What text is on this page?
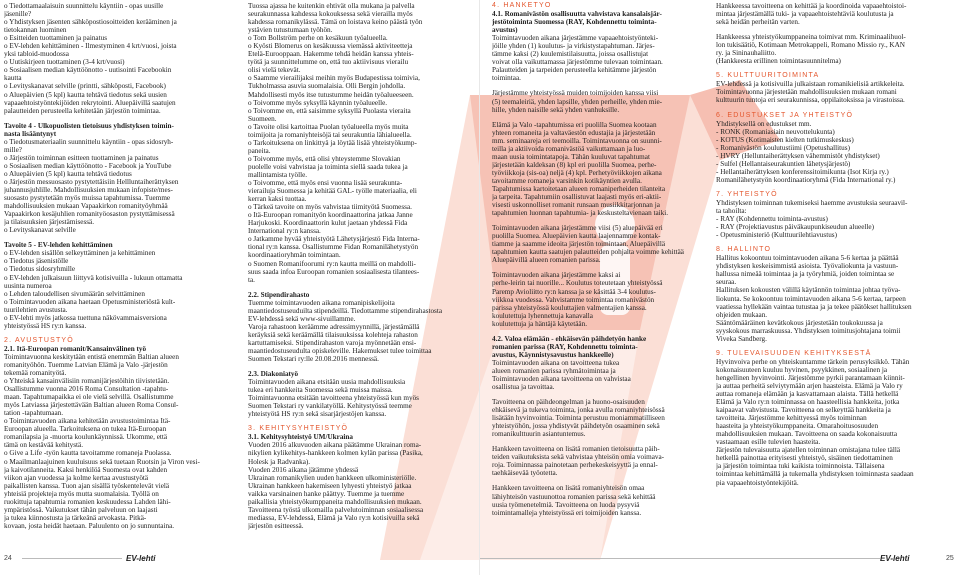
o Tiedottamaalaisuin suunnittelu käyntiin - opas uusille

jäsenille?

o Yhdistyksen jäsenten sähköpostiosoitteiden kerääminen ja

tietokannan luominen

o Esitteiden tuottaminen ja painatus

o EV-lehden kehittäminen - Ilmestyminen 4 krt/vuosi, joista

yksi tabloid-muodossa

o Uutiskirjeen tuottaminen (3-4 krt/vuosi)

o Sosiaalisen median käyttöönotto - uutisointi Facebookin

kautta

o Levityskanavat selville (printti, sähköposti, Facebook)

o Aluepäivien (5 kpl) kautta tehtävä tiedotus sekä uusien

vapaaehtoistyöntekijöiden rekrytointi. Aluepäivillä saatujen

palautteiden perusteella kehitetään järjestön toimintaa.

Tavoite 4 - Ulkopuolisten tietoisuus yhdistyksen toimin-

nasta lisääntynyt

o Tiedotusmateriaalin suunnittelu käyntiin - opas sidosryh-

mille?

o Järjestön toiminnan esitteen tuottaminen ja painatus

o Sosiaalisen median käyttöönotto - Facebook ja YouTube

o Aluepäivien (5 kpl) kautta tehtävä tiedotus

o Järjestön messuosasto pystytettäisiin Hellluntaiherättyksen

juhannusjuhlille. Mahdollisuuksien mukaan infopiste/mes-

suosasto pystytetään myös muissa tapahtumissa. Tuemme

mahdollisuuksien mukaan Vapaakirkon romanityöyhmää

Vapaakirkon kesäjuhlien romanityöosaston pystyttämisessä

ja tilaisuuksien järjestämisessä.

o Levityskanavat selville

Tavoite 5 - EV-lehden kehittäminen

o EV-lehden sisällön selkeyttäminen ja kehittäminen

o Tiedotus jäsenistölle

o Tiedotus sidosryhmille

o EV-lehden julkaisuun liittyvä kotisivuilla - lukuun ottamatta

uusinta numeroa

o Lehden taloudellisen sivumäärän selvittäminen

o Toimintavuoden aikana haetaan Opetusministeriöstä kult-

tuurilehtien avustusta.

o EV-lehti myös jatkossa tuettuna näkövammaisversiona

yhteistyössä HS ry:n kanssa.

2. AVUSTUSTYÖ

2.1. Itä-Euroopan romanit/Kansainvälinen työ

Toimintavuonna keskitytään entistä enemmän Baltian alueen

romanityöhön. Tuemme Latvian Elämä ja Valo -järjestön

tekemää romanityötä.

o Yhteiskä kansainvälisiin romanijärjestöihin tiivistetään.

Osallistumme vuonna 2016 Roma Consultation -tapahtu-

maan. Tapahtumapaikka ei ole vielä selvillä. Osallistumme

myös Latviassa järjestettävään Baltian alueen Roma Consul-

tation -tapahtumaan.

o Toimintavuoden aikana kehitetään avustustoimintaa Itä-

Euroopan alueella. Tarkoituksena on tukea Itä-Euroopan

romanilapsia ja -muorta koulunkäynnissä. Ukomme, että

tämä on kestävää kehitystä.

o Give a Life -työn kautta tavoitamme romaneja Puolassa.

o Maailmanlaajuinen kuuluisuus sekä tuetaan Ruotsin ja Viron vesi-

ja kaivotilanneita. Kaksi henkilöä Suomesta ovat kahden

viikon ajan vuodessa ja kolme kertaa avustustyötä

paikallisten kanssa. Tuon ajan sisällä työskentelevät vielä

yhteisiä projekteja myös mutta suomalaisia. Työllä on

ruokittuja tapahtumia romanien keskuudessa Lahden lähi-

ympäristössä. Vaikutukset tähän palveluun on laajasti

ja tukea kiinnostusta ja tärkeänä arvokasta. Pitkä-

kovaan, josta heidät haetaan. Paluulento on jo sunnuntaina.

Tuossa ajassa he kuitenkin ehtivät olla mukana ja palvella

seurakunnassa kahdessa kokouksessa sekä vierailla myös

kahdessa romanikylässä. Tämä on loistava keino päästä työn

ystävien tutustumaan työhön.

o Tom Bollström perhe on kesäkuun työalueella.

o Kyösti Blomerus on kesäkuussa viemässä aktiviteetteja

Etelä-Eurooppaan. Hakemme tehdä heidän kanssa yhteis-

työtä ja suunnittelumme on, että tuo aktiivisuus vierailu

olisi vielä tekevät.

o Saamme vierailijaksi meihin myös Budapestissa toimivia,

Tukholmassa asuvia suomalaisia. Olli Bergin johdolla.

Mahdollisesti myös itse tutustumme heidän työalueeseen.

o Toivomme myös syksyllä käynnin työalueelle.

o Toivomme en, että saisimme syksyllä Puolasta vieraita

Suomeen.

o Tavoite olisi kartoittaa Puolan työalueella myös muita

toimijoita ja romaniyhteisöjä tai seurakuntia lähialueella.

o Tarkoituksena on linkittyä ja löytää lisää yhteistyökump-

paneita.

o Toivomme myös, että olisi yhteystemme Slovakian

puolelle voisi vahvistaa ja toiminta siellä saada tukea ja

mallintamista työlle.

o Toivomme, että myös ensi vuonna lisää seurakunta-

vierailuja Suomessa ja kehitää GAL- työlle materiaalia, eli

kerran kaksi tuottaa.

o Tärkeä tavoite on myös vahvistaa tiimityötä Suomessa.

o Itä-Euroopan romanityön koordinaattorina jatkaa Janne

Harjukoski. Koordinaattorin kulut jaetaan yhdessä Fida

International ry:n kanssa.

o Jatkamme hyvää yhteistyötä Lähetysjärjestö Fida Interna-

tional ry:n kanssa. Osallistumme Fidan Romanilähetystyön

koordinaatioryhmän toimintaan.

o Suomen Romanifoorumi ry:n kautta meillä on mahdolli-

suus saada infoa Euroopan romanien sosiaalisesta tilantees-

ta.

2.2. Stipendirahasto

Tuemme toimintavuoden aikana romanipiskelijoita

maantiedostuseuduilta stipendeillä. Tiedottamme stipendirahastosta

EV-lehdessä sekä www-sivuillamme.

Varoja rahastoon keräämme adressimyynnillä, järjestämällä

keräyksiä sekä keräämällä tilaisuuksissa kolehteja rahaston

kartuttamiseksi. Stipendirahaston varoja myönnetään ensi-

maantiedostuseudulta opiskeleville. Hakemukset tulee toimittaa

Suomen Tekstari ry:lle 20.08.2016 mennessä.

2.3. Diakoniatyö

Toimintavuoden aikana etsitään uusia mahdollisuuksia

tukea eri hankkeita Suomessa sekä muissa maissa.

Toimintavuonna etsitään tavoitteena yhteistyössä kun myös

Suomen Tekstari ry vankilatyöllä. Kehitystyössä teemme

yhteistyötä HS ry:n sekä sisarjärjestöjen kanssa.

3. KEHITYSYHTEISTYÖ

3.1. Kehitysyhteistyö UM/Ukraina

Vuoden 2016 alkuvuoden aikana päätämme Ukrainan roma-

nikylien kylikehitys-hankkeen kolmen kylän parissa (Pasika,

Holesk ja Radvanka).

Vuoden 2016 aikana jätämme yhdessä

Ukrainan romanikylien uuden hankkeen ulkoministeriölle.

Ukrainan hankkeen hakemiseen lyhyesti yhteistyö jatkaa

vaikka varsinainen hanke päättyy. Tuemme ja tuemme

paikallisia yhteistyökumppaneita mahdollisuuksien mukaan.

Tavoitteena työstä ulkomailla palvelutoiminnan sosiaalisessa

mediassa, EV-lehdessä, Elämä ja Valo ry:n kotisivuilla sekä

järjestön esitteessä.

4. HANKETYÖ

4.1. Romanivästön osallisuutta vahvistava kansalaisjär-

jestötoiminta Suomessa (RAY, Kohdennettu toiminta-

avustus)

Toimintavuoden aikana järjestämme vapaaehtoistyönteki-

jöille yhden (1) koulutus- ja virkistystapahtuman. Järjes-

tämme kaksi (2) kuulemistilaisuutta, joissa osallistujat

voivat olla vaikuttamassa järjestömme tulevaan toimintaan.

Palautteiden ja tarpeiden perusteella kehitämme järjestön

toimintaa.

Järjestämme yhteistyössä muiden toimijoiden kanssa viisi

(5) teemaleiriä, yhden lapsille, yhden perheille, yhden mie-

hille, yhden naisille sekä yhden vanhuksille.

Elämä ja Valo -tapahtumissa eri puolilla Suomea kootaan

yhteen romaneita ja valtaväestön edustajia ja järjestetään

mm. seminaareja eri teemoilla. Toimintavuonna on suunni-

teilla ja aktiivoida romanivästöä vaikuttamaan ja luo-

maan uusia toimintatapoja. Tähän kuuluvat tapahtumat

järjestetään kaldeksan (8) kpl eri puolilla Suomea, perhe-

työviikkoja (sis-oa) neljä (4) kpl. Perhetyöviikkojen aikana

tavoitamme romaneja varsinkin kotikäyntien avulla.

Tapahtumissa kartoitetaan alueen romaniperheiden tilanteita

ja tarpeita. Tapahtumiin osallistuvat laajasti myös eri-aktii-

visesti uskonnolliset romanit runsaan musiikkitarjonnan ja

tapahtumien luonnan tapahtumia- ja keskusteltavienaan taiki.

Toimintavuoden aikana järjestämme viisi (5) aluepäivää eri

puolilla Suomea. Aluepäivien kautta laajennamme kontak-

tiamme ja saamme ideoita järjestön toimintaan. Aluepäivillä

tapahtumien kautta saatujen palautteiden pohjalta voimme kehittää

Aluepäivillä alueen romanien parissa.

Toimintavuoden aikana järjestämme kaksi ai

perhe-leirin tai nuorille... Koulutus toteutetaan yhteistyössä

Paremp Avioliitto ry:n kanssa ja se käsittää 3-4 koulutus-

viikkoa vuodessa. Vahvistamme toimintaa romanivästön

parissa yhteistyössä kouluttajien valmentajien kanssa.

koulutettuja lyhennettuja kanavalla

koulutettuja ja häntäjä käytetään.

4.2. Valoa elämään - ehkäisevän päihdetyön hanke

romanien parissa (RAY, Kohdennettu toiminta-

avustus, Käynnistysavustus hankkeelle)

Toimintavuoden aikana on tavoitteena tukea

alueen romanien parissa ryhmätoimintaa ja

Toimintavuoden aikana tavoitteena on vahvistaa

osallistua ja tavoittaa.

Tavoitteena on päihdeongelman ja huono-osaisuuden

ehkäisevä ja tukeva toiminta, jonka avulla romaniyhteisössä

lisätään hyvinvointia. Toiminta perustuu moniammatilliseen

yhteistyöhön, jossa yhdistyvät päihdetyön osaaminen sekä

romanikulttuurin asiantuntemus.

Hankkeen tavoitteena on lisätä romanien tietoisuutta päih-

teiden vaikutuksista sekä vahvistaa yhteisön omia voimava-

roja. Toiminnassa painotetaan perhekeskeisyyttä ja ennal-

taehkäisevää työotetta.

Hankkeen tavoitteena on lisätä romaniyhteisön omaa

lähiyhteisön vastuunottoa romanien parissa sekä kehittää

uusia työmenetelmiä. Tavoitteena on luoda pysyviä

toimintamalleja yhteistyössä eri toimijoiden kanssa.

Hankkeessa tavoitteena on kehittää ja koordinoida vapaaehtoistoi-

mintaa järjestämällä tuki- ja vapaaehtoistehtäviä koulutusta ja

sekä heidän perheitän varten.

Hankkeessa yhteistyökumppaneina toimivat mm. Kriminaalihuol-

lon tukisäätiö, Kotimaan Metrokappeli, Romano Missio ry., KAN

ry. ja Sininauhaliitto.

(Hankkeesta erillinen toimintasuunnitelma)

5. KULTTUURITOIMINTA

EV-lehdessä ja kotisivuilla julkaistaan romanikielisiä artikkeleita.

Toimintavuonna järjestetään mahdollisuuksien mukaan romani

kulttuurin tuntoja eri seurakunnissa, oppilaitoksissa ja virastoissa.

6. EDUSTUKSET JA YHTEISTYÖ

Yhdistyksellä on edustukset mm.

- RONK (Romaniasiain neuvottelukunta)

- KOTUS (Kotimaisten kielten tutkimuskeskus)

- Romanivästön koulutustiimi (Opetushallitus)

- HVRY (Helluntaiherättyksen vähemmistöt yhdistykset)

- Sulfel (Hellantaiseurakuntien lähetysjärjestö)

- Hellantaiherättyksen konferenssitoimikunta (Isot Kirja ry.)

Romanilähetystyön koordinaatioryhmä (Fida International ry.)

7. YHTEISTYÖ

Yhdistyksen toiminnan tukemiseksi haemme avustuksia seuraavil-

ta tahoilta:

- RAY (Kohdennettu toiminta-avustus)

- RAY (Projektiavustus päiväkaupunkiseudun alueelle)

- Opetusministeriö (Kulttuurilehtiavustus)

8. HALLINTO

Hallitus kokoontuu toimintavuoden aikana 5-6 kertaa ja päättää

yhdistyksen keskeisimmistä asioista. Työvaliokunta ja vastuun-

hallussa nimeää toimintaa ja ja työryhmiä, joiden toimintaa se

seuraa.

Hallituksen kokousten välillä käytännön toimintaa johtaa työva-

liokunta. Se kokoontuu toimintavuoden aikana 5-6 kertaa, tarpeen

vaatiessa hyllekään vaintaa tutustaa ja ja tekee päätökset hallituksen

ohjeiden mukaan.

Sääntömääräinen kevätkokous järjestetään toukokuussa ja

syyskokous marraskuussa. Yhdistyksen toimitusjohtajana toimii

Viveka Sandberg.

9. TULEVAISUUDEN KEHITYKSESTÄ

Hyvinvoiva perhe on yhteiskuntamme tärkein perusyksikkö. Tähän

kokonaisuuteen kuuluu hyvinen, psyykkinen, sosiaalinen ja

hengellinen hyvinvointi. Järjestömme pyrkii parantamaan kiinnit-

ja auttaa perheitä selviytymään arjen haasteista. Elämä ja Valo ry

auttaa romaneja elämään ja kasvattamaan alaista. Tällä hetkellä

Elämä ja Valo ry:n toiminnassa on haasteellisia hankkeita, jotka

kaipaavat vahvistusta. Tavoitteena on selkeyttää hankkeita ja

tavoitteita. Järjestömme kehittyessä myös toiminnan

haasteita ja yhteistyökumppaneita. Omarahoitusosuuden

mahdollisuuksien mukaan. Tavoitteena on saada kokonaisuutta

vastaamaan esille tulevien haasteita.

Järjestön tulevaisuutta ajatellen toiminnan omistajana tulee tällä

hetkellä painottaa erityisesti yhteistyö, sisäinen tiedottaminen

ja järjestön toimintaa tuki kaikista toiminnoista. Tällaisena

toimintaa kehittämällä ja tukemalla yhdistyksen toiminnasta saadaan

pia vapaaehtoistyöntekijöitä.

24	EV-lehti	EV-lehti	25
